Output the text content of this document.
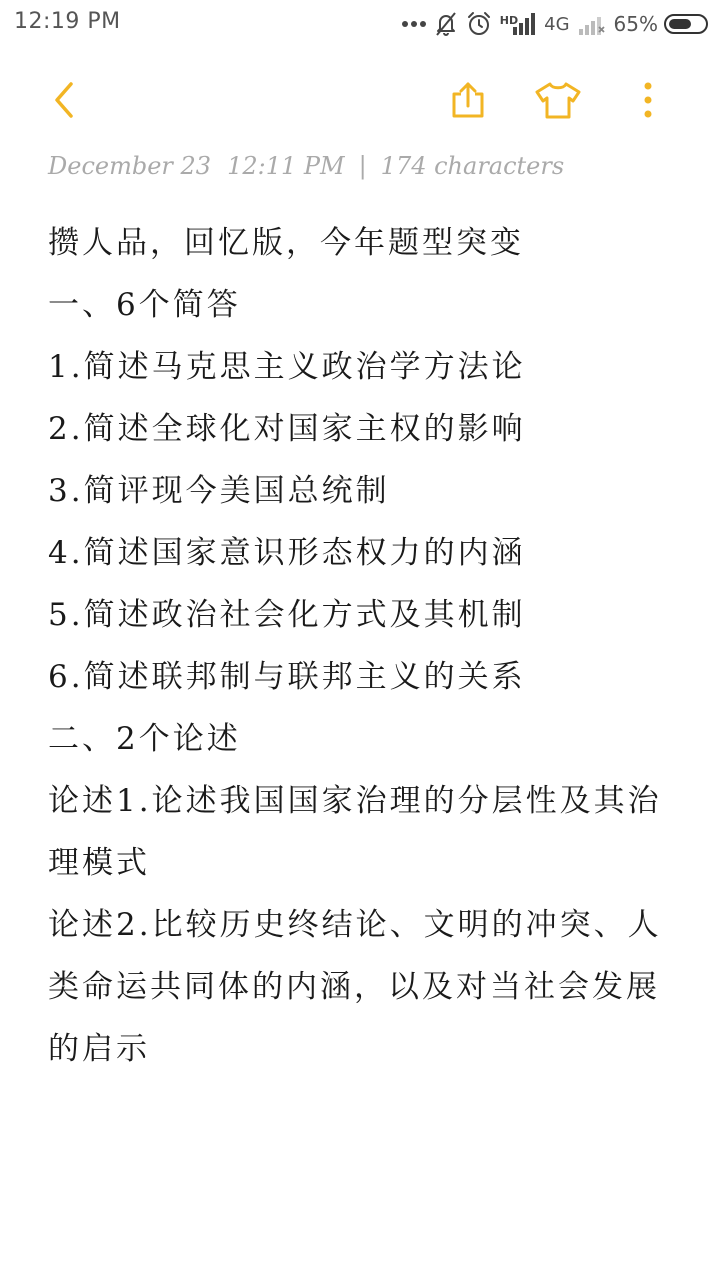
12:19 PM	HD 4G 65%
December 23 12:11 PM | 174 characters
攒人品，回忆版，今年题型突变
一、6个简答
1.简述马克思主义政治学方法论
2.简述全球化对国家主权的影响
3.简评现今美国总统制
4.简述国家意识形态权力的内涵
5.简述政治社会化方式及其机制
6.简述联邦制与联邦主义的关系
二、2个论述
论述1.论述我国国家治理的分层性及其治理模式
论述2.比较历史终结论、文明的冲突、人类命运共同体的内涵，以及对当社会发展的启示
